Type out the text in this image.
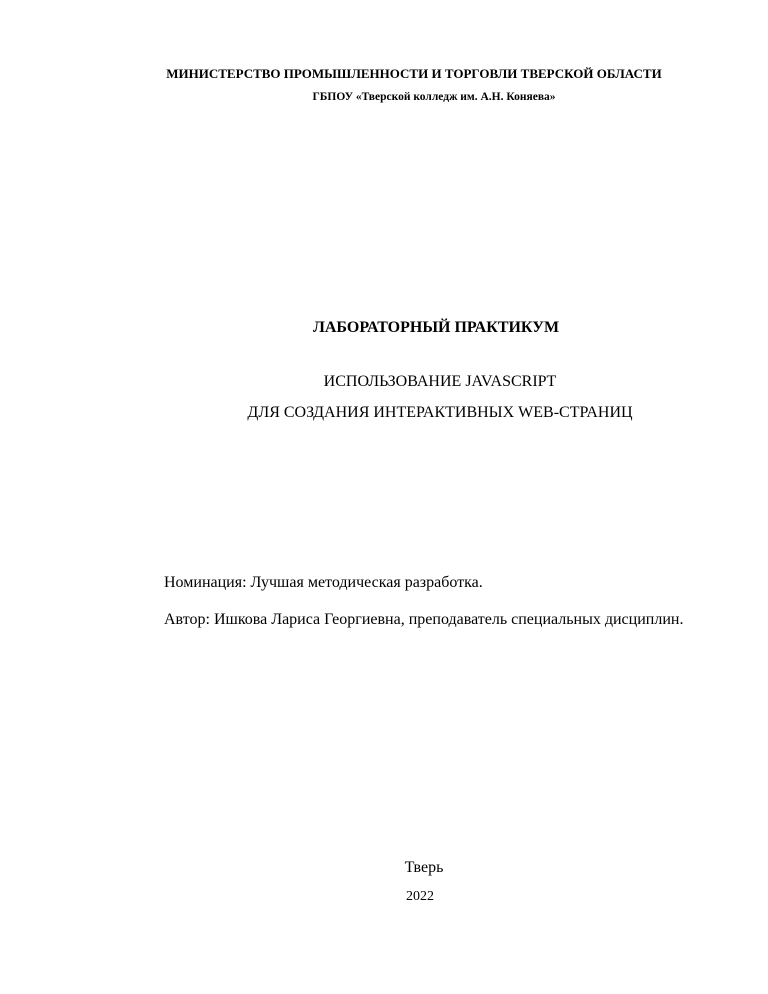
МИНИСТЕРСТВО ПРОМЫШЛЕННОСТИ И ТОРГОВЛИ ТВЕРСКОЙ ОБЛАСТИ
ГБПОУ «Тверской колледж им. А.Н. Коняева»
ЛАБОРАТОРНЫЙ ПРАКТИКУМ
ИСПОЛЬЗОВАНИЕ JAVASCRIPT
ДЛЯ СОЗДАНИЯ ИНТЕРАКТИВНЫХ WEB-СТРАНИЦ
Номинация: Лучшая методическая разработка.
Автор: Ишкова Лариса Георгиевна, преподаватель специальных дисциплин.
Тверь
2022
